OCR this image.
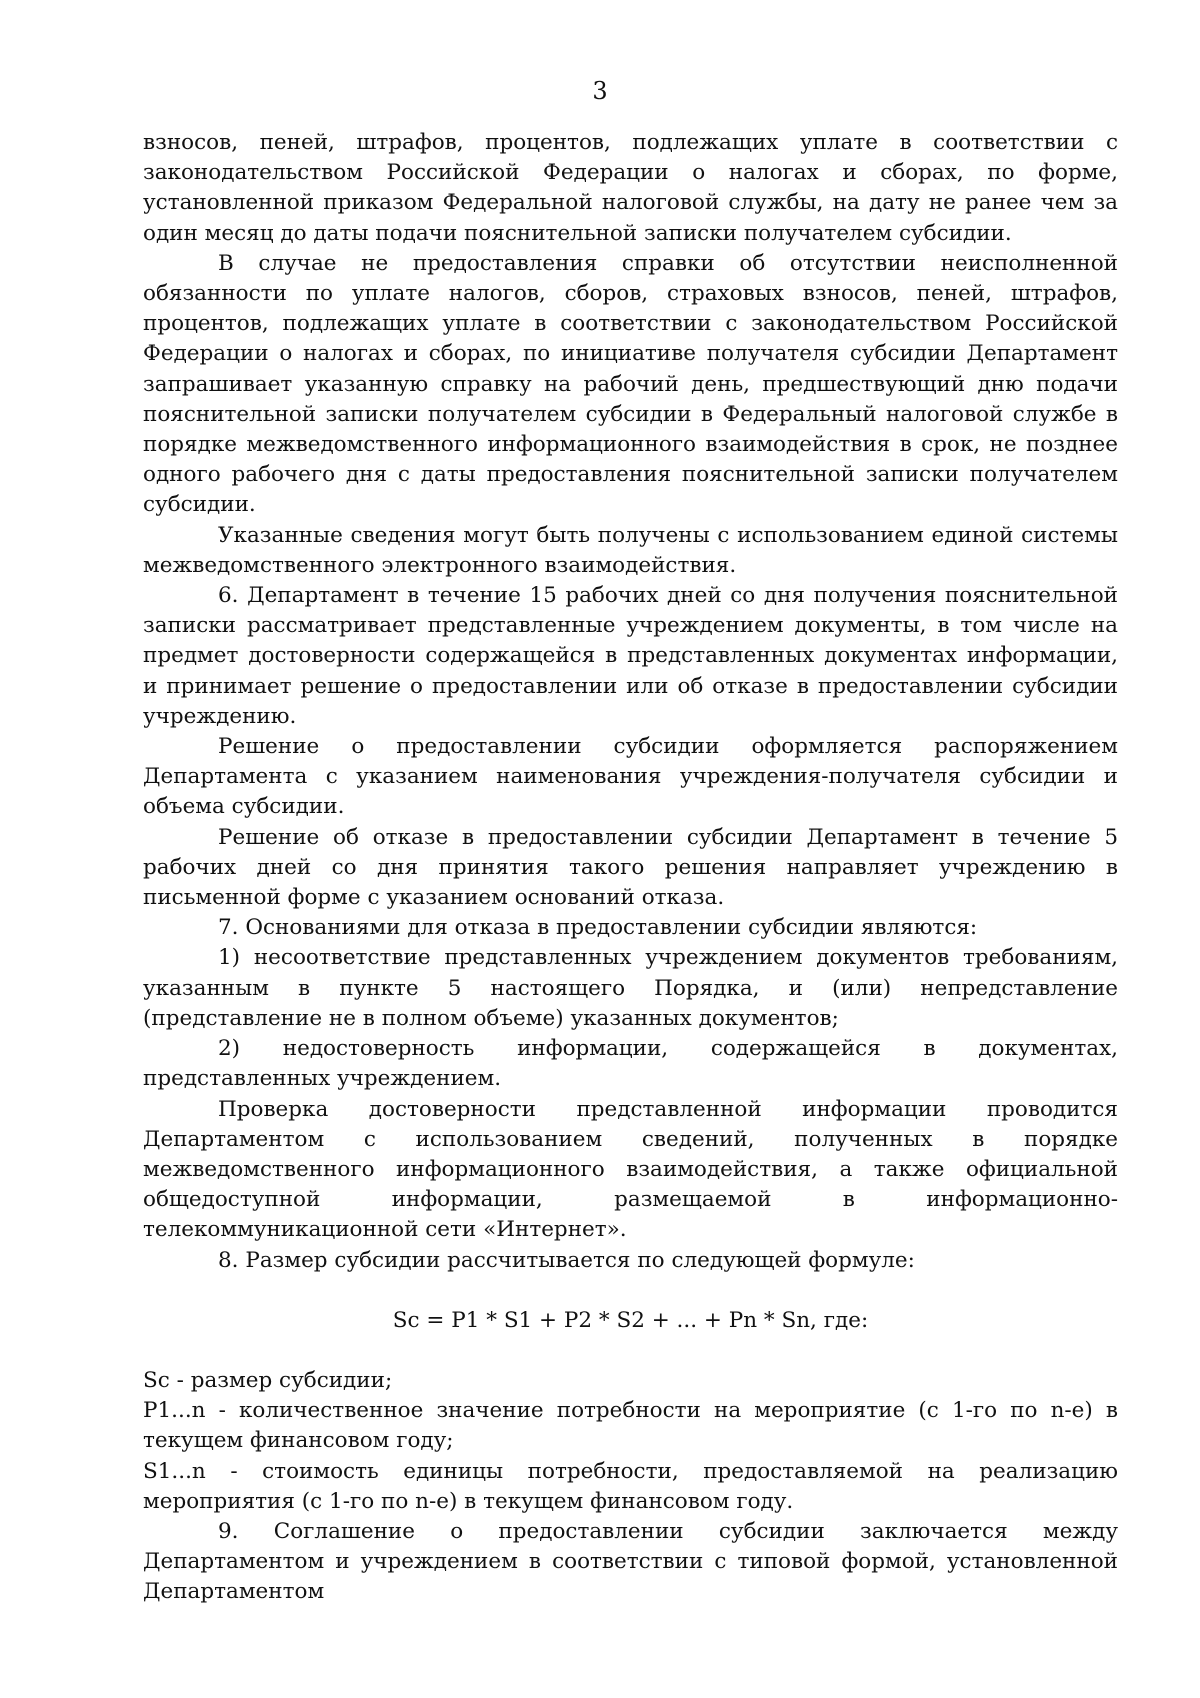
3

взносов, пеней, штрафов, процентов, подлежащих уплате в соответствии с законодательством Российской Федерации о налогах и сборах, по форме, установленной приказом Федеральной налоговой службы, на дату не ранее чем за один месяц до даты подачи пояснительной записки получателем субсидии.

В случае не предоставления справки об отсутствии неисполненной обязанности по уплате налогов, сборов, страховых взносов, пеней, штрафов, процентов, подлежащих уплате в соответствии с законодательством Российской Федерации о налогах и сборах, по инициативе получателя субсидии Департамент запрашивает указанную справку на рабочий день, предшествующий дню подачи пояснительной записки получателем субсидии в Федеральный налоговой службе в порядке межведомственного информационного взаимодействия в срок, не позднее одного рабочего дня с даты предоставления пояснительной записки получателем субсидии.

Указанные сведения могут быть получены с использованием единой системы межведомственного электронного взаимодействия.

6. Департамент в течение 15 рабочих дней со дня получения пояснительной записки рассматривает представленные учреждением документы, в том числе на предмет достоверности содержащейся в представленных документах информации, и принимает решение о предоставлении или об отказе в предоставлении субсидии учреждению.

Решение о предоставлении субсидии оформляется распоряжением Департамента с указанием наименования учреждения-получателя субсидии и объема субсидии.

Решение об отказе в предоставлении субсидии Департамент в течение 5 рабочих дней со дня принятия такого решения направляет учреждению в письменной форме с указанием оснований отказа.

7. Основаниями для отказа в предоставлении субсидии являются:

1) несоответствие представленных учреждением документов требованиям, указанным в пункте 5 настоящего Порядка, и (или) непредставление (представление не в полном объеме) указанных документов;

2) недостоверность информации, содержащейся в документах, представленных учреждением.

Проверка достоверности представленной информации проводится Департаментом с использованием сведений, полученных в порядке межведомственного информационного взаимодействия, а также официальной общедоступной информации, размещаемой в информационно-телекоммуникационной сети «Интернет».

8. Размер субсидии рассчитывается по следующей формуле:

Sc = P1 * S1 + P2 * S2 + ... + Pn * Sn, где:

Sc - размер субсидии;

P1...n - количественное значение потребности на мероприятие (с 1-го по n-е) в текущем финансовом году;

S1...n - стоимость единицы потребности, предоставляемой на реализацию мероприятия (с 1-го по n-е) в текущем финансовом году.

9. Соглашение о предоставлении субсидии заключается между Департаментом и учреждением в соответствии с типовой формой, установленной Департаментом
